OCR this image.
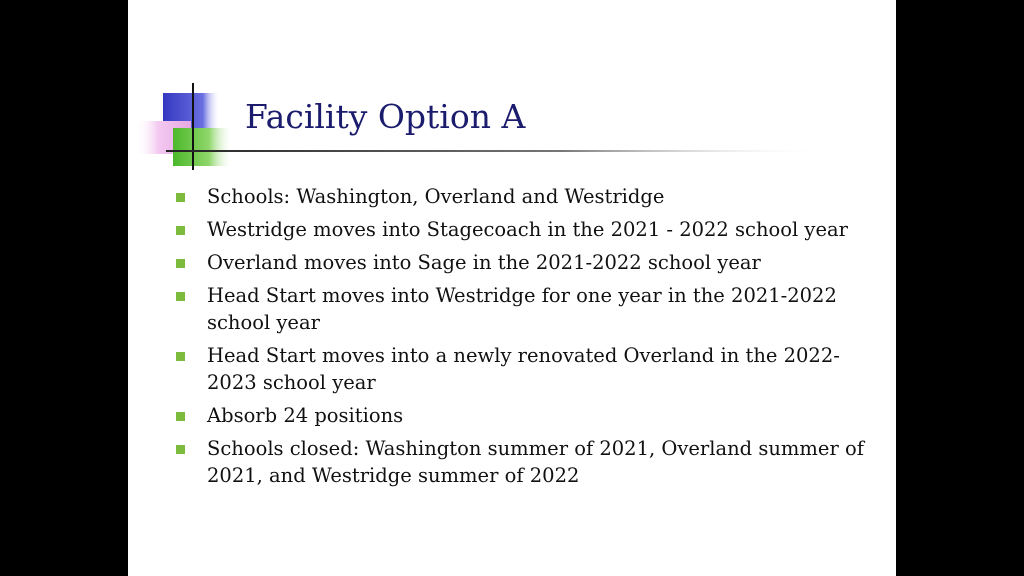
Facility Option A
Schools: Washington, Overland and Westridge
Westridge moves into Stagecoach in the 2021 - 2022 school year
Overland moves into Sage in the 2021-2022 school year
Head Start moves into Westridge for one year in the 2021-2022 school year
Head Start moves into a newly renovated Overland in the 2022-2023 school year
Absorb 24 positions
Schools closed: Washington summer of 2021, Overland summer of 2021, and Westridge summer of 2022
